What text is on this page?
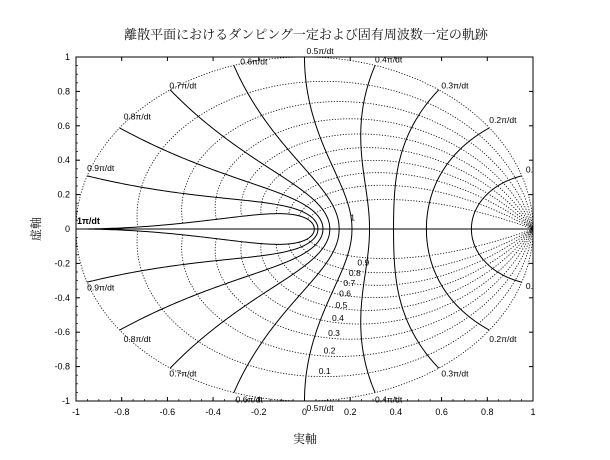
離散平面におけるダンピング一定および固有周波数一定の軌跡
実軸
虚軸
-1	-0.8	-0.6	-0.4	-0.2	0	0.2	0.4	0.6	0.8	1
1
0.8
0.6
0.4
0.2
0
-0.2
-0.4
-0.6
-0.8
-1
0.1
0.2
0.3
0.4
0.5
0.6
0.7
0.8
0.9
1
0.2π/dt
0.3π/dt
0.4π/dt
0.5π/dt
0.6π/dt
0.7π/dt
0.8π/dt
0.9π/dt
1π/dt
0.9π/dt
0.8π/dt
0.7π/dt
0.6π/dt
0.5π/dt
0.4π/dt
0.3π/dt
0.2π/dt
0.
0.
